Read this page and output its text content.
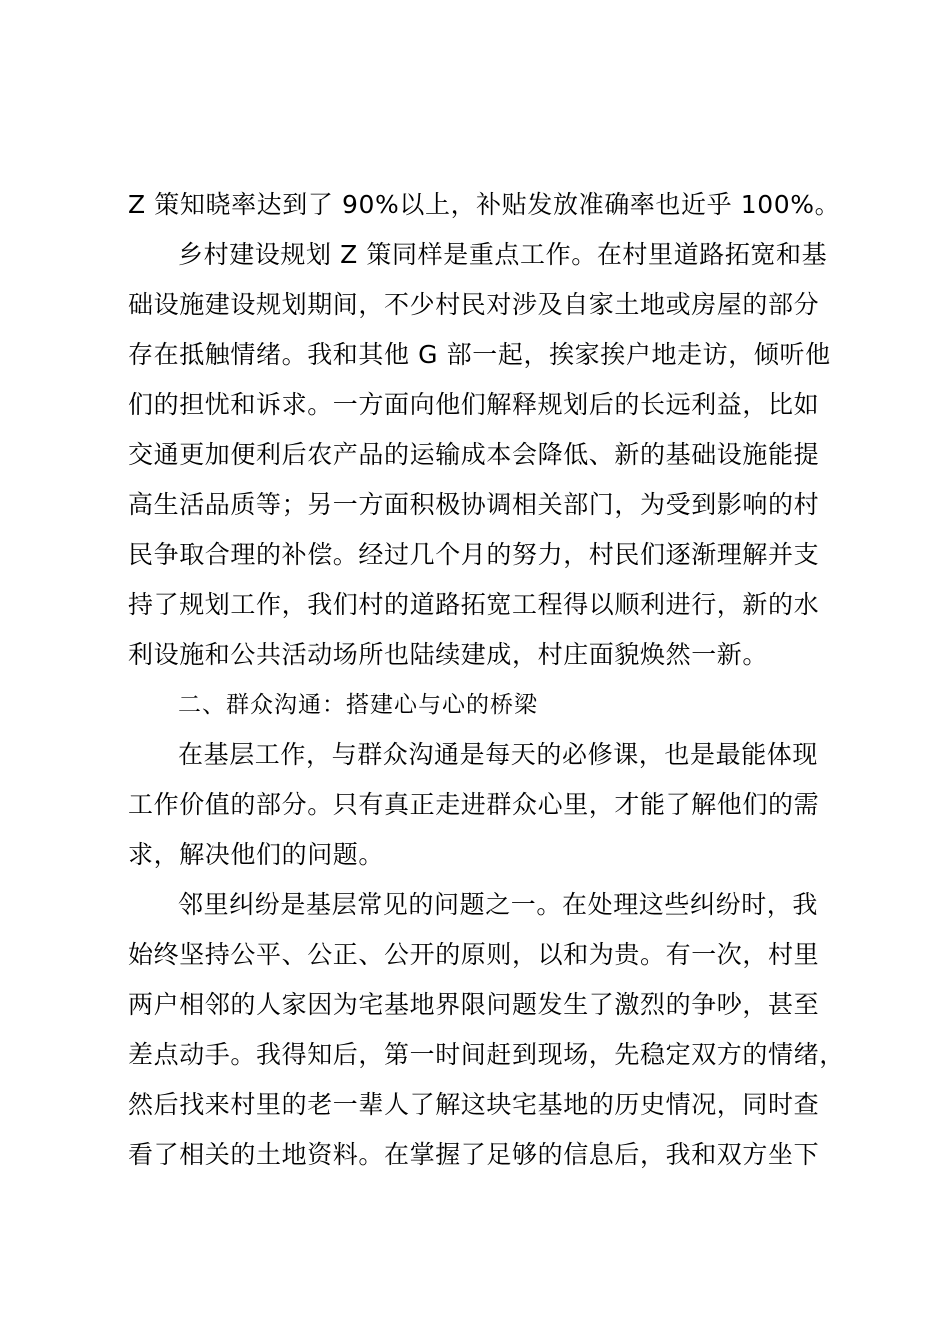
Z 策知晓率达到了 90%以上，补贴发放准确率也近乎 100%。
乡村建设规划 Z 策同样是重点工作。在村里道路拓宽和基
础设施建设规划期间，不少村民对涉及自家土地或房屋的部分
存在抵触情绪。我和其他 G 部一起，挨家挨户地走访，倾听他
们的担忧和诉求。一方面向他们解释规划后的长远利益，比如
交通更加便利后农产品的运输成本会降低、新的基础设施能提
高生活品质等；另一方面积极协调相关部门，为受到影响的村
民争取合理的补偿。经过几个月的努力，村民们逐渐理解并支
持了规划工作，我们村的道路拓宽工程得以顺利进行，新的水
利设施和公共活动场所也陆续建成，村庄面貌焕然一新。
二、群众沟通：搭建心与心的桥梁
在基层工作，与群众沟通是每天的必修课，也是最能体现
工作价值的部分。只有真正走进群众心里，才能了解他们的需
求，解决他们的问题。
邻里纠纷是基层常见的问题之一。在处理这些纠纷时，我
始终坚持公平、公正、公开的原则，以和为贵。有一次，村里
两户相邻的人家因为宅基地界限问题发生了激烈的争吵，甚至
差点动手。我得知后，第一时间赶到现场，先稳定双方的情绪，
然后找来村里的老一辈人了解这块宅基地的历史情况，同时查
看了相关的土地资料。在掌握了足够的信息后，我和双方坐下
